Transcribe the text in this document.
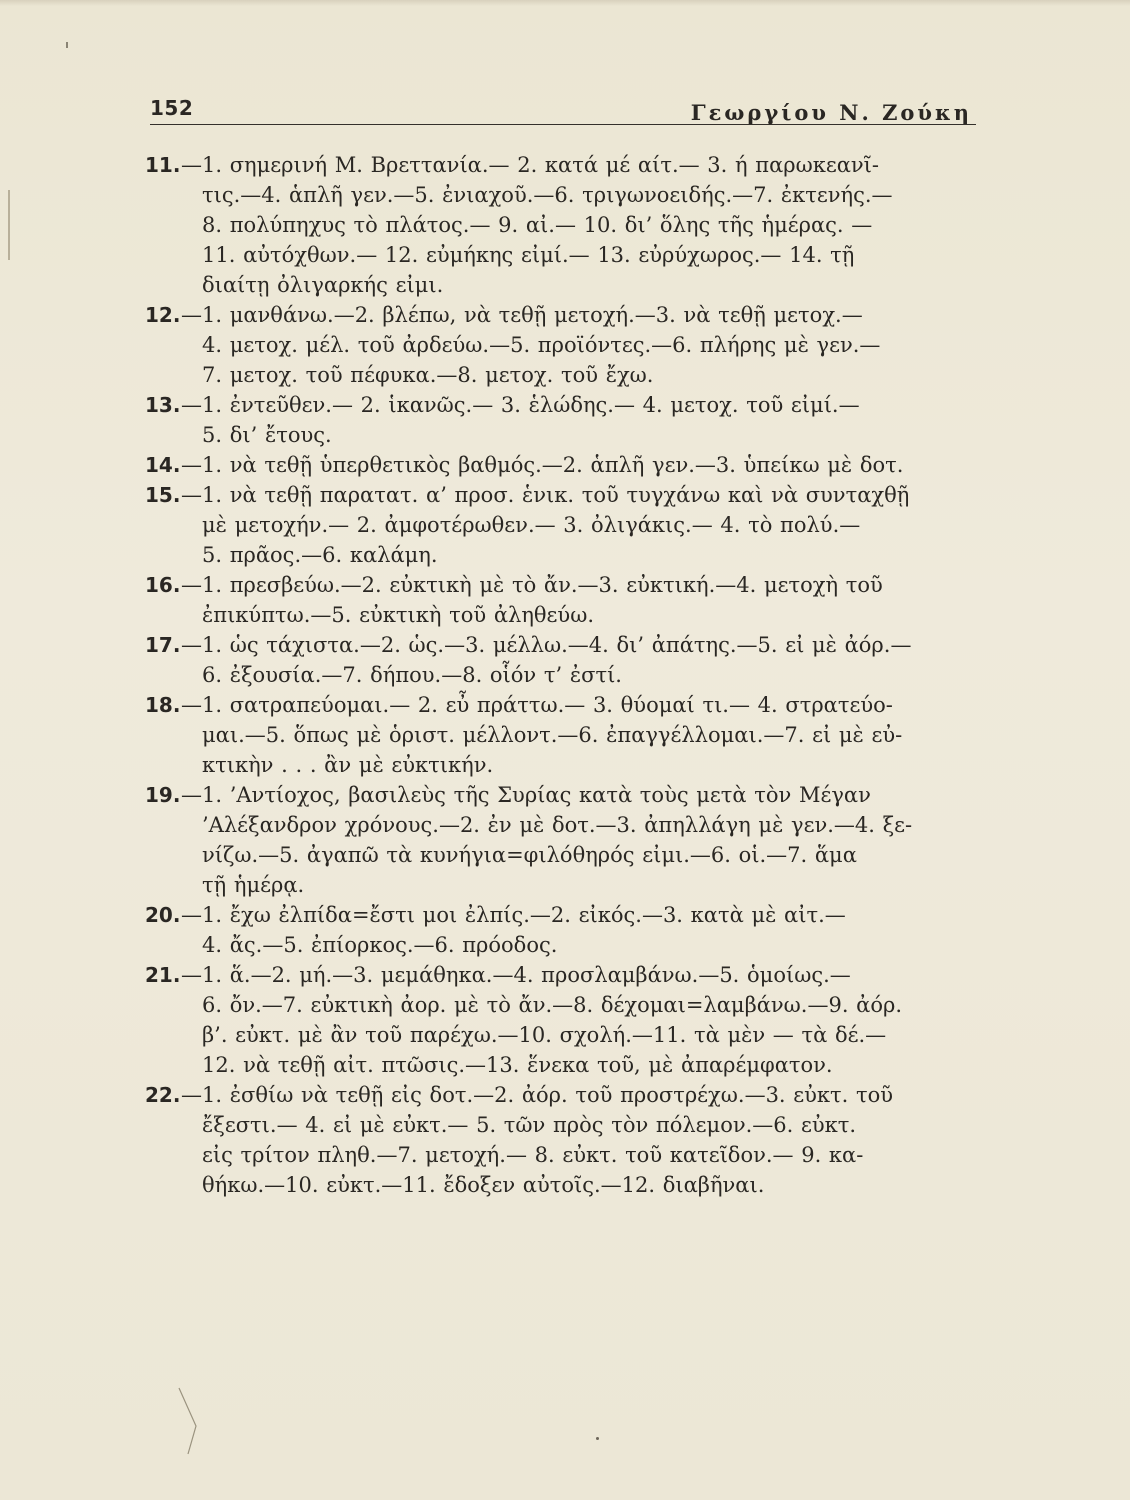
152	Γεωργίου Ν. Ζούκη
11.—1. σημερινή Μ. Βρεττανία.— 2. κατά μέ αίτ.— 3. ή παρωκεανῖ-
τις.—4. ἁπλῆ γεν.—5. ἐνιαχοῦ.—6. τριγωνοειδής.—7. ἐκτενής.—
8. πολύπηχυς τὸ πλάτος.— 9. αἰ.— 10. δι’ ὅλης τῆς ἡμέρας. —
11. αὐτόχθων.— 12. εὐμήκης εἰμί.— 13. εὐρύχωρος.— 14. τῇ
διαίτῃ ὀλιγαρκής εἰμι.
12.—1. μανθάνω.—2. βλέπω, νὰ τεθῇ μετοχή.—3. νὰ τεθῇ μετοχ.—
4. μετοχ. μέλ. τοῦ ἀρδεύω.—5. προϊόντες.—6. πλήρης μὲ γεν.—
7. μετοχ. τοῦ πέφυκα.—8. μετοχ. τοῦ ἔχω.
13.—1. ἐντεῦθεν.— 2. ἱκανῶς.— 3. ἑλώδης.— 4. μετοχ. τοῦ εἰμί.—
5. δι’ ἔτους.
14.—1. νὰ τεθῇ ὑπερθετικὸς βαθμός.—2. ἁπλῆ γεν.—3. ὑπείκω μὲ δοτ.
15.—1. νὰ τεθῇ παρατατ. α’ προσ. ἑνικ. τοῦ τυγχάνω καὶ νὰ συνταχθῇ
μὲ μετοχήν.— 2. ἀμφοτέρωθεν.— 3. ὀλιγάκις.— 4. τὸ πολύ.—
5. πρᾶος.—6. καλάμη.
16.—1. πρεσβεύω.—2. εὐκτικὴ μὲ τὸ ἄν.—3. εὐκτική.—4. μετοχὴ τοῦ
ἐπικύπτω.—5. εὐκτικὴ τοῦ ἀληθεύω.
17.—1. ὡς τάχιστα.—2. ὡς.—3. μέλλω.—4. δι’ ἀπάτης.—5. εἰ μὲ ἀόρ.—
6. ἐξουσία.—7. δήπου.—8. οἷόν τ’ ἐστί.
18.—1. σατραπεύομαι.— 2. εὖ πράττω.— 3. θύομαί τι.— 4. στρατεύο-
μαι.—5. ὅπως μὲ ὁριστ. μέλλοντ.—6. ἐπαγγέλλομαι.—7. εἰ μὲ εὐ-
κτικὴν . . . ἂν μὲ εὐκτικήν.
19.—1. ’Αντίοχος, βασιλεὺς τῆς Συρίας κατὰ τοὺς μετὰ τὸν Μέγαν
’Αλέξανδρον χρόνους.—2. ἐν μὲ δοτ.—3. ἀπηλλάγη μὲ γεν.—4. ξε-
νίζω.—5. ἀγαπῶ τὰ κυνήγια=φιλόθηρός εἰμι.—6. οἱ.—7. ἅμα
τῇ ἡμέρᾳ.
20.—1. ἔχω ἐλπίδα=ἔστι μοι ἐλπίς.—2. εἰκός.—3. κατὰ μὲ αἰτ.—
4. ἄς.—5. ἐπίορκος.—6. πρόοδος.
21.—1. ἅ.—2. μή.—3. μεμάθηκα.—4. προσλαμβάνω.—5. ὁμοίως.—
6. ὄν.—7. εὐκτικὴ ἀορ. μὲ τὸ ἄν.—8. δέχομαι=λαμβάνω.—9. ἀόρ.
β’. εὐκτ. μὲ ἂν τοῦ παρέχω.—10. σχολή.—11. τὰ μὲν — τὰ δέ.—
12. νὰ τεθῇ αἰτ. πτῶσις.—13. ἕνεκα τοῦ, μὲ ἀπαρέμφατον.
22.—1. ἐσθίω νὰ τεθῇ εἰς δοτ.—2. ἀόρ. τοῦ προστρέχω.—3. εὐκτ. τοῦ
ἔξεστι.— 4. εἰ μὲ εὐκτ.— 5. τῶν πρὸς τὸν πόλεμον.—6. εὐκτ.
εἰς τρίτον πληθ.—7. μετοχή.— 8. εὐκτ. τοῦ κατεῖδον.— 9. κα-
θήκω.—10. εὐκτ.—11. ἔδοξεν αὐτοῖς.—12. διαβῆναι.
